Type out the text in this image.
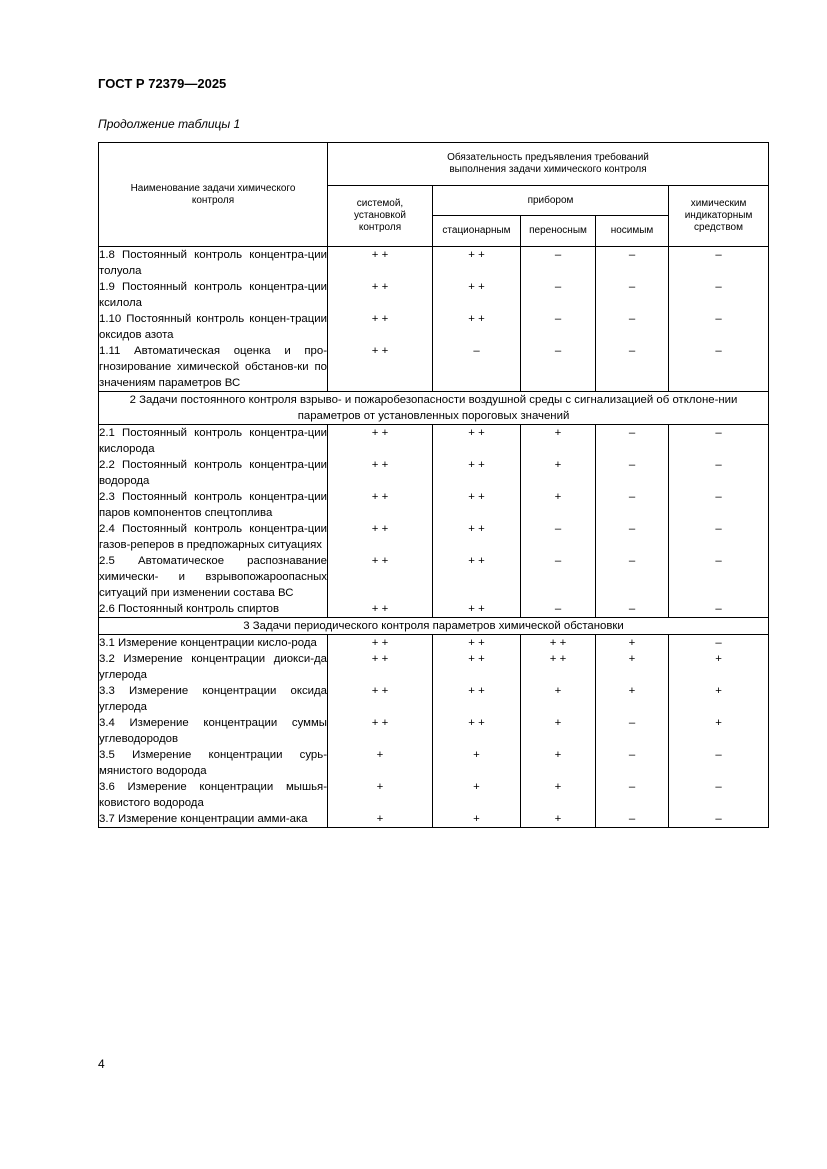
ГОСТ Р 72379—2025
Продолжение таблицы 1
Наименование задачи химического контроля	Обязательность предъявления требований выполнения задачи химического контроля				
	системой, установкой контроля	прибором			химическим индикаторным средством
		стационарным	переносным	носимым	
1.8 Постоянный контроль концентра-ции толуола	+ +	+ +	–	–	–
1.9 Постоянный контроль концентра-ции ксилола	+ +	+ +	–	–	–
1.10 Постоянный контроль концен-трации оксидов азота	+ +	+ +	–	–	–
1.11 Автоматическая оценка и про-гнозирование химической обстанов-ки по значениям параметров ВС	+ +	–	–	–	–
2 Задачи постоянного контроля взрыво- и пожаробезопасности воздушной среды с сигнализацией об отклоне-нии параметров от установленных пороговых значений					
2.1 Постоянный контроль концентра-ции кислорода	+ +	+ +	+	–	–
2.2 Постоянный контроль концентра-ции водорода	+ +	+ +	+	–	–
2.3 Постоянный контроль концентра-ции паров компонентов спецтоплива	+ +	+ +	+	–	–
2.4 Постоянный контроль концентра-ции газов-реперов в предпожарных ситуациях	+ +	+ +	–	–	–
2.5 Автоматическое распознавание химически- и взрывопожароопасных ситуаций при изменении состава ВС	+ +	+ +	–	–	–
2.6 Постоянный контроль спиртов	+ +	+ +	–	–	–
3 Задачи периодического контроля параметров химической обстановки					
3.1 Измерение концентрации кисло-рода	+ +	+ +	+ +	+	–
3.2 Измерение концентрации диокси-да углерода	+ +	+ +	+ +	+	+
3.3 Измерение концентрации оксида углерода	+ +	+ +	+	+	+
3.4 Измерение концентрации суммы углеводородов	+ +	+ +	+	–	+
3.5 Измерение концентрации сурь-мянистого водорода	+	+	+	–	–
3.6 Измерение концентрации мышья-ковистого водорода	+	+	+	–	–
3.7 Измерение концентрации амми-ака	+	+	+	–	–
4
